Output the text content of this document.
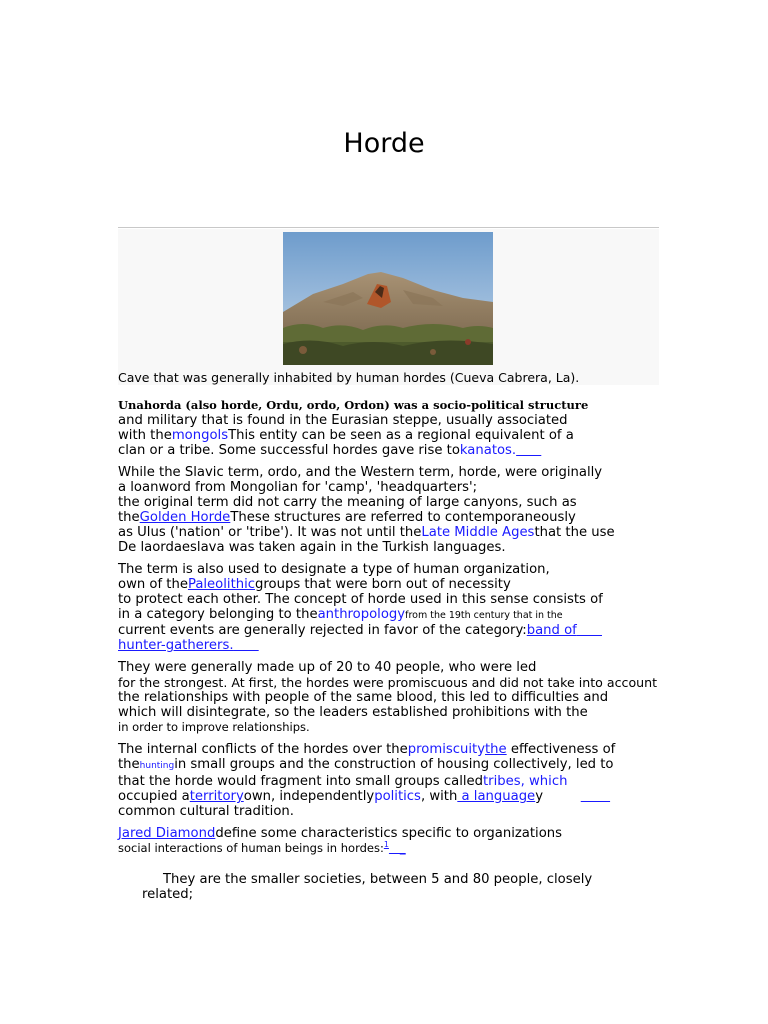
Horde
Cave that was generally inhabited by human hordes (Cueva Cabrera, La).

Unahorda (also horde, Ordu, ordo, Ordon) was a socio-political structure
and military that is found in the Eurasian steppe, usually associated
with themongolsThis entity can be seen as a regional equivalent of a
clan or a tribe. Some successful hordes gave rise tokanatos.

While the Slavic term, ordo, and the Western term, horde, were originally
a loanword from Mongolian for 'camp', 'headquarters';
the original term did not carry the meaning of large canyons, such as
theGolden HordeThese structures are referred to contemporaneously
as Ulus ('nation' or 'tribe'). It was not until theLate Middle Agesthat the use
De laordaeslava was taken again in the Turkish languages.

The term is also used to designate a type of human organization,
own of thePaleolithicgroups that were born out of necessity
to protect each other. The concept of horde used in this sense consists of
in a category belonging to theanthropologyfrom the 19th century that in the
current events are generally rejected in favor of the category:band of
hunter-gatherers.

They were generally made up of 20 to 40 people, who were led
for the strongest. At first, the hordes were promiscuous and did not take into account
the relationships with people of the same blood, this led to difficulties and
which will disintegrate, so the leaders established prohibitions with the
in order to improve relationships.

The internal conflicts of the hordes over thepromiscuitythe effectiveness of
thehuntingin small groups and the construction of housing collectively, led to
that the horde would fragment into small groups calledtribes, which
occupied aterritoryown, independentlypolitics, with a languagey
common cultural tradition.

Jared Diamonddefine some characteristics specific to organizations
social interactions of human beings in hordes:$^1$   _

They are the smaller societies, between 5 and 80 people, closely
related;
